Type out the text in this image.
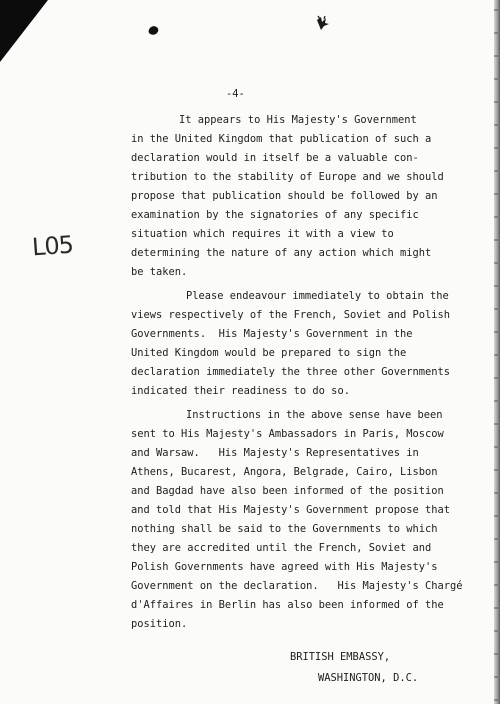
-4-

L05

It appears to His Majesty's Government

in the United Kingdom that publication of such a

declaration would in itself be a valuable con-

tribution to the stability of Europe and we should

propose that publication should be followed by an

examination by the signatories of any specific

situation which requires it with a view to

determining the nature of any action which might

be taken.

Please endeavour immediately to obtain the

views respectively of the French, Soviet and Polish

Governments.  His Majesty's Government in the

United Kingdom would be prepared to sign the

declaration immediately the three other Governments

indicated their readiness to do so.

Instructions in the above sense have been

sent to His Majesty's Ambassadors in Paris, Moscow

and Warsaw.   His Majesty's Representatives in

Athens, Bucarest, Angora, Belgrade, Cairo, Lisbon

and Bagdad have also been informed of the position

and told that His Majesty's Government propose that

nothing shall be said to the Governments to which

they are accredited until the French, Soviet and

Polish Governments have agreed with His Majesty's

Government on the declaration.   His Majesty's Chargé

d'Affaires in Berlin has also been informed of the

position.

BRITISH EMBASSY,

WASHINGTON, D.C.
